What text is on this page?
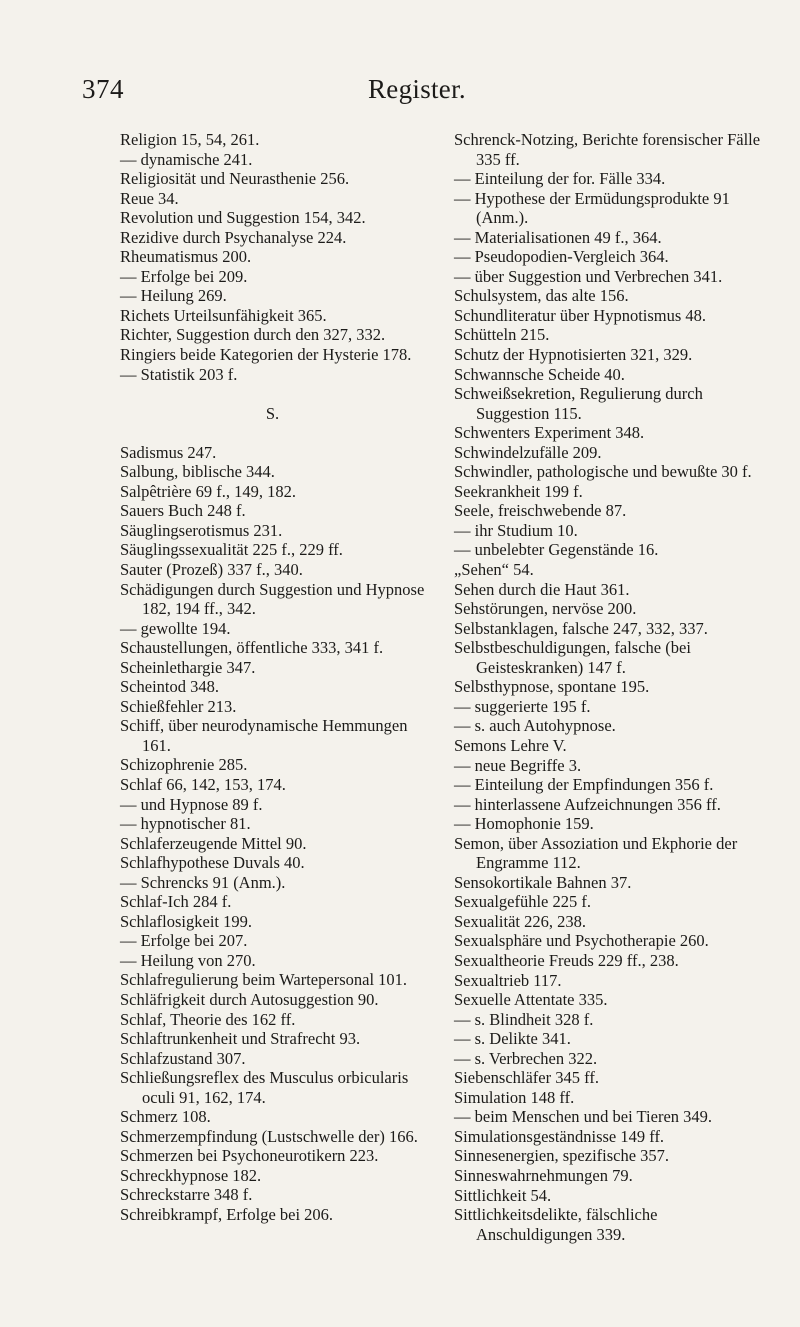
374	Register.

Religion 15, 54, 261.

— dynamische 241.

Religiosität und Neurasthenie 256.

Reue 34.

Revolution und Suggestion 154, 342.

Rezidive durch Psychanalyse 224.

Rheumatismus 200.

— Erfolge bei 209.

— Heilung 269.

Richets Urteilsunfähigkeit 365.

Richter, Suggestion durch den 327, 332.

Ringiers beide Kategorien der Hysterie 178.

— Statistik 203 f.

S.

Sadismus 247.

Salbung, biblische 344.

Salpêtrière 69 f., 149, 182.

Sauers Buch 248 f.

Säuglingserotismus 231.

Säuglingssexualität 225 f., 229 ff.

Sauter (Prozeß) 337 f., 340.

Schädigungen durch Suggestion und Hypnose 182, 194 ff., 342.

— gewollte 194.

Schaustellungen, öffentliche 333, 341 f.

Scheinlethargie 347.

Scheintod 348.

Schießfehler 213.

Schiff, über neurodynamische Hemmungen 161.

Schizophrenie 285.

Schlaf 66, 142, 153, 174.

— und Hypnose 89 f.

— hypnotischer 81.

Schlaferzeugende Mittel 90.

Schlafhypothese Duvals 40.

— Schrencks 91 (Anm.).

Schlaf-Ich 284 f.

Schlaflosigkeit 199.

— Erfolge bei 207.

— Heilung von 270.

Schlafregulierung beim Wartepersonal 101.

Schläfrigkeit durch Autosuggestion 90.

Schlaf, Theorie des 162 ff.

Schlaftrunkenheit und Strafrecht 93.

Schlafzustand 307.

Schließungsreflex des Musculus orbicularis oculi 91, 162, 174.

Schmerz 108.

Schmerzempfindung (Lustschwelle der) 166.

Schmerzen bei Psychoneurotikern 223.

Schreckhypnose 182.

Schreckstarre 348 f.

Schreibkrampf, Erfolge bei 206.

Schrenck-Notzing, Berichte forensischer Fälle 335 ff.

— Einteilung der for. Fälle 334.

— Hypothese der Ermüdungsprodukte 91 (Anm.).

— Materialisationen 49 f., 364.

— Pseudopodien-Vergleich 364.

— über Suggestion und Verbrechen 341.

Schulsystem, das alte 156.

Schundliteratur über Hypnotismus 48.

Schütteln 215.

Schutz der Hypnotisierten 321, 329.

Schwannsche Scheide 40.

Schweißsekretion, Regulierung durch Suggestion 115.

Schwenters Experiment 348.

Schwindelzufälle 209.

Schwindler, pathologische und bewußte 30 f.

Seekrankheit 199 f.

Seele, freischwebende 87.

— ihr Studium 10.

— unbelebter Gegenstände 16.

„Sehen“ 54.

Sehen durch die Haut 361.

Sehstörungen, nervöse 200.

Selbstanklagen, falsche 247, 332, 337.

Selbstbeschuldigungen, falsche (bei Geisteskranken) 147 f.

Selbsthypnose, spontane 195.

— suggerierte 195 f.

— s. auch Autohypnose.

Semons Lehre V.

— neue Begriffe 3.

— Einteilung der Empfindungen 356 f.

— hinterlassene Aufzeichnungen 356 ff.

— Homophonie 159.

Semon, über Assoziation und Ekphorie der Engramme 112.

Sensokortikale Bahnen 37.

Sexualgefühle 225 f.

Sexualität 226, 238.

Sexualsphäre und Psychotherapie 260.

Sexualtheorie Freuds 229 ff., 238.

Sexualtrieb 117.

Sexuelle Attentate 335.

— s. Blindheit 328 f.

— s. Delikte 341.

— s. Verbrechen 322.

Siebenschläfer 345 ff.

Simulation 148 ff.

— beim Menschen und bei Tieren 349.

Simulationsgeständnisse 149 ff.

Sinnesenergien, spezifische 357.

Sinneswahrnehmungen 79.

Sittlichkeit 54.

Sittlichkeitsdelikte, fälschliche Anschuldigungen 339.
